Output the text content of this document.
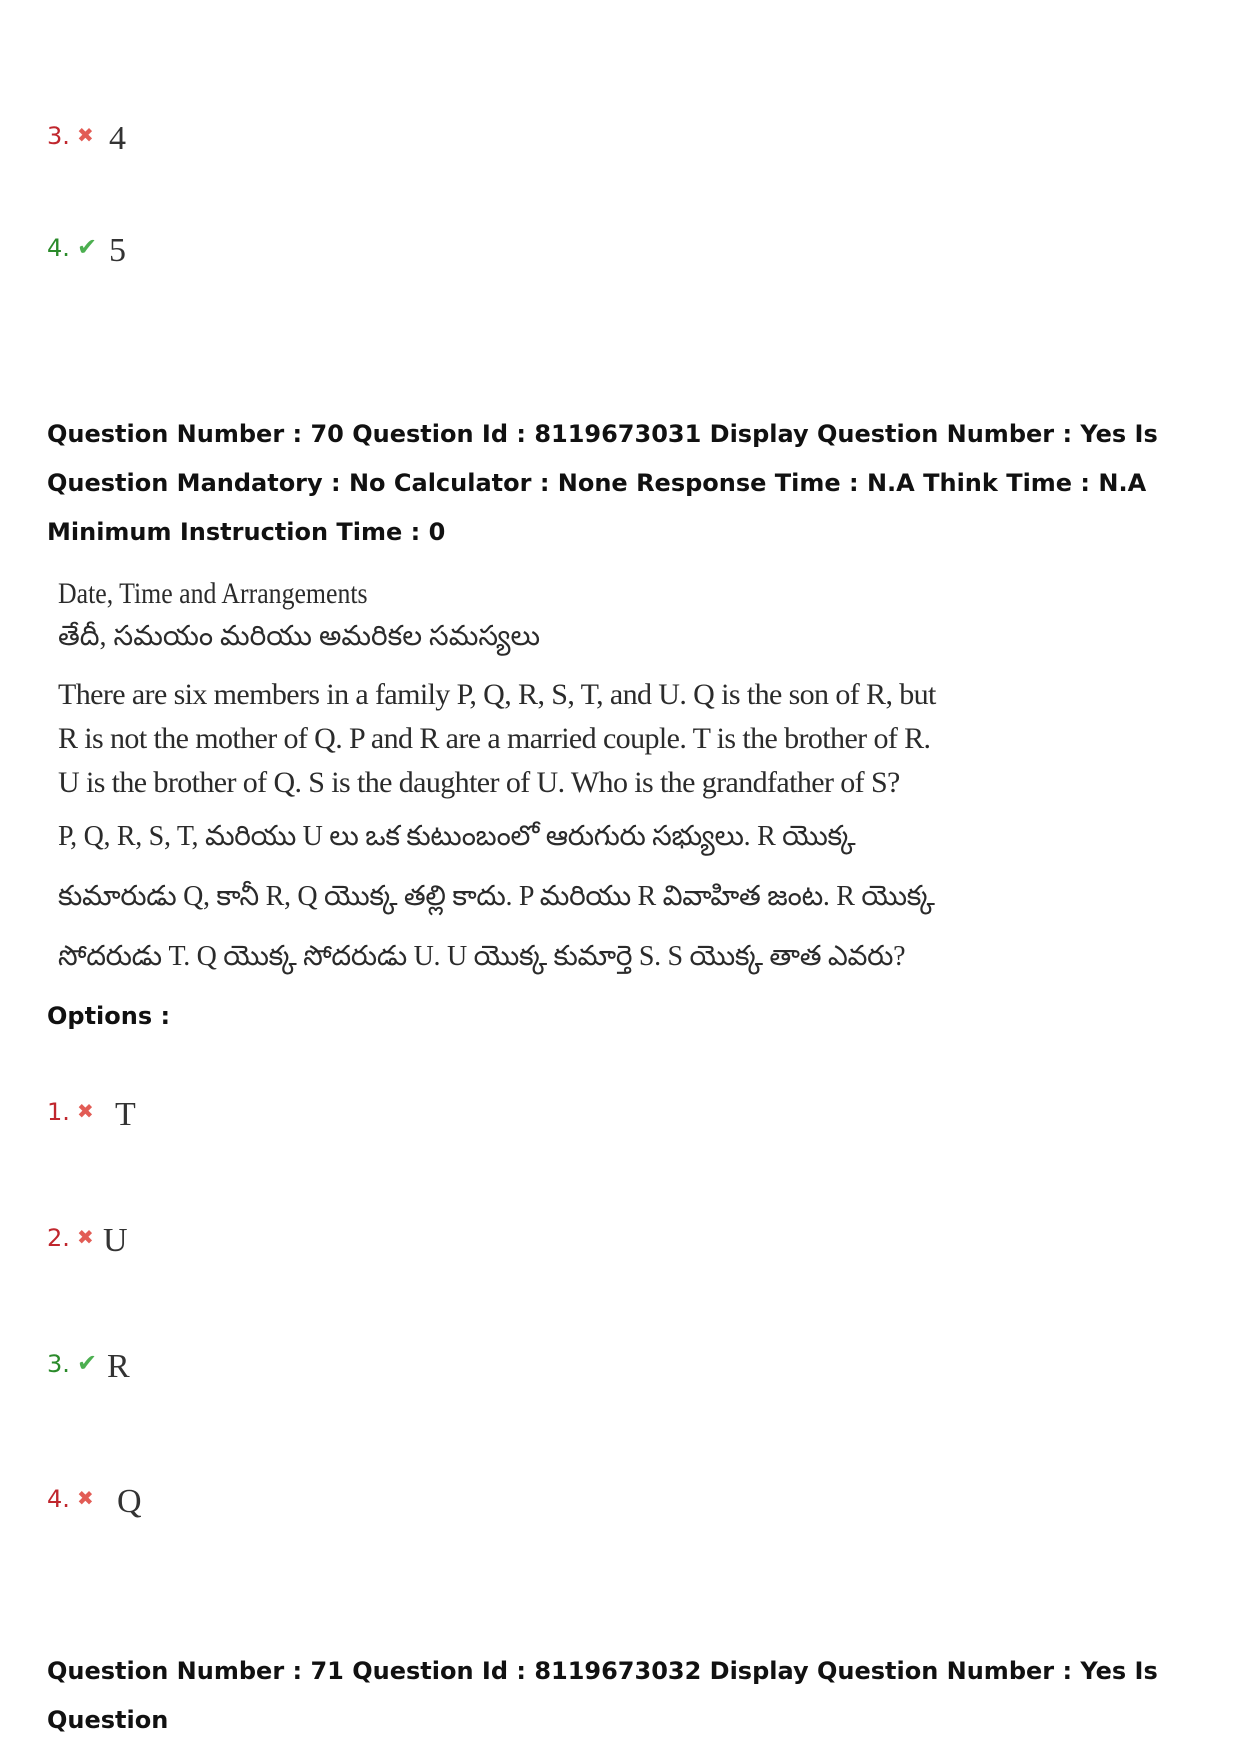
3. ✖ 4
4. ✔ 5
Question Number : 70 Question Id : 8119673031 Display Question Number : Yes Is Question Mandatory : No Calculator : None Response Time : N.A Think Time : N.A Minimum Instruction Time : 0
Date, Time and Arrangements
తేదీ, సమయం మరియు అమరికల సమస్యలు
There are six members in a family P, Q, R, S, T, and U. Q is the son of R, but R is not the mother of Q. P and R are a married couple. T is the brother of R. U is the brother of Q. S is the daughter of U. Who is the grandfather of S?
P, Q, R, S, T, మరియు U లు ఒక కుటుంబంలో ఆరుగురు సభ్యులు. R యొక్క కుమారుడు Q, కానీ R, Q యొక్క తల్లి కాదు. P మరియు R వివాహిత జంట. R యొక్క సోదరుడు T. Q యొక్క సోదరుడు U. U యొక్క కుమార్తె S. S యొక్క తాత ఎవరు?
Options :
1. ✖ T
2. ✖ U
3. ✔ R
4. ✖ Q
Question Number : 71 Question Id : 8119673032 Display Question Number : Yes Is Question
